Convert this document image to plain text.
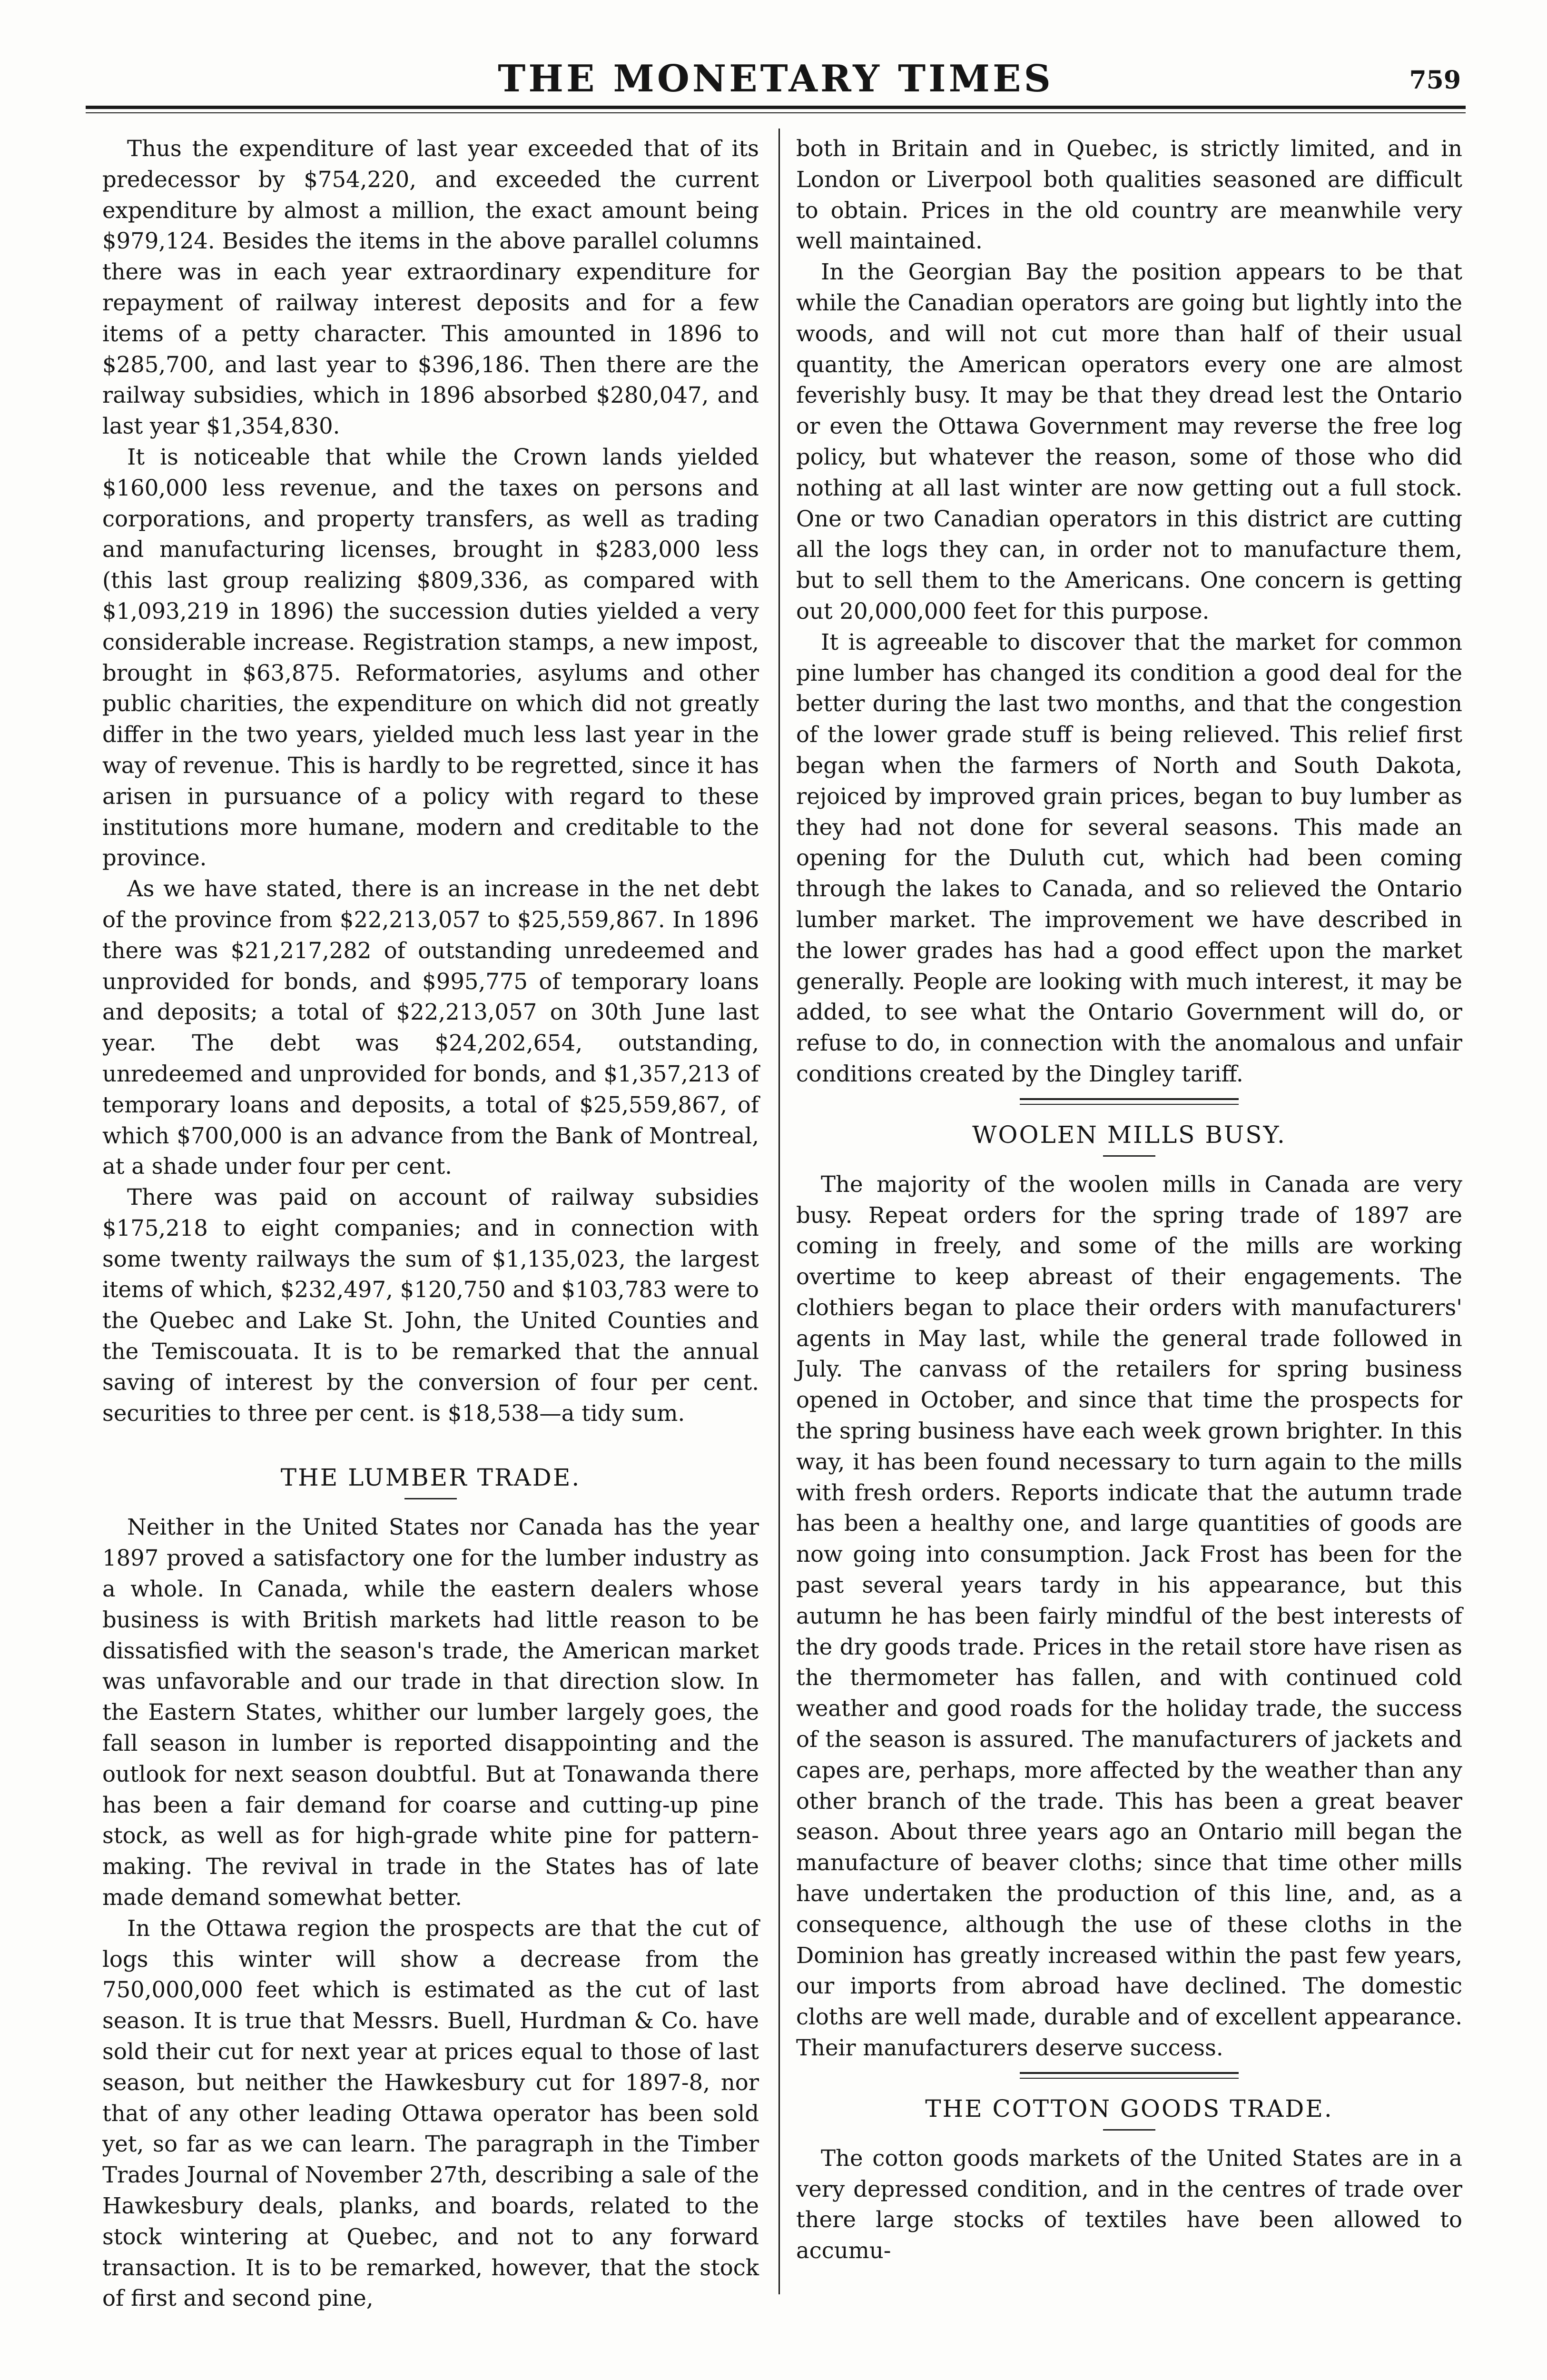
THE MONETARY TIMES	759

Thus the expenditure of last year exceeded that of its predecessor by $754,220, and exceeded the current expenditure by almost a million, the exact amount being $979,124. Besides the items in the above parallel columns there was in each year extraordinary expenditure for repayment of railway interest deposits and for a few items of a petty character. This amounted in 1896 to $285,700, and last year to $396,186. Then there are the railway subsidies, which in 1896 absorbed $280,047, and last year $1,354,830.

It is noticeable that while the Crown lands yielded $160,000 less revenue, and the taxes on persons and corporations, and property transfers, as well as trading and manufacturing licenses, brought in $283,000 less (this last group realizing $809,336, as compared with $1,093,219 in 1896) the succession duties yielded a very considerable increase. Registration stamps, a new impost, brought in $63,875. Reformatories, asylums and other public charities, the expenditure on which did not greatly differ in the two years, yielded much less last year in the way of revenue. This is hardly to be regretted, since it has arisen in pursuance of a policy with regard to these institutions more humane, modern and creditable to the province.

As we have stated, there is an increase in the net debt of the province from $22,213,057 to $25,559,867. In 1896 there was $21,217,282 of outstanding unredeemed and unprovided for bonds, and $995,775 of temporary loans and deposits; a total of $22,213,057 on 30th June last year. The debt was $24,202,654, outstanding, unredeemed and unprovided for bonds, and $1,357,213 of temporary loans and deposits, a total of $25,559,867, of which $700,000 is an advance from the Bank of Montreal, at a shade under four per cent.

There was paid on account of railway subsidies $175,218 to eight companies; and in connection with some twenty railways the sum of $1,135,023, the largest items of which, $232,497, $120,750 and $103,783 were to the Quebec and Lake St. John, the United Counties and the Temiscouata. It is to be remarked that the annual saving of interest by the conversion of four per cent. securities to three per cent. is $18,538—a tidy sum.

THE LUMBER TRADE.

Neither in the United States nor Canada has the year 1897 proved a satisfactory one for the lumber industry as a whole. In Canada, while the eastern dealers whose business is with British markets had little reason to be dissatisfied with the season's trade, the American market was unfavorable and our trade in that direction slow. In the Eastern States, whither our lumber largely goes, the fall season in lumber is reported disappointing and the outlook for next season doubtful. But at Tonawanda there has been a fair demand for coarse and cutting-up pine stock, as well as for high-grade white pine for pattern-making. The revival in trade in the States has of late made demand somewhat better.

In the Ottawa region the prospects are that the cut of logs this winter will show a decrease from the 750,000,000 feet which is estimated as the cut of last season. It is true that Messrs. Buell, Hurdman & Co. have sold their cut for next year at prices equal to those of last season, but neither the Hawkesbury cut for 1897-8, nor that of any other leading Ottawa operator has been sold yet, so far as we can learn. The paragraph in the Timber Trades Journal of November 27th, describing a sale of the Hawkesbury deals, planks, and boards, related to the stock wintering at Quebec, and not to any forward transaction. It is to be remarked, however, that the stock of first and second pine,

both in Britain and in Quebec, is strictly limited, and in London or Liverpool both qualities seasoned are difficult to obtain. Prices in the old country are meanwhile very well maintained.

In the Georgian Bay the position appears to be that while the Canadian operators are going but lightly into the woods, and will not cut more than half of their usual quantity, the American operators every one are almost feverishly busy. It may be that they dread lest the Ontario or even the Ottawa Government may reverse the free log policy, but whatever the reason, some of those who did nothing at all last winter are now getting out a full stock. One or two Canadian operators in this district are cutting all the logs they can, in order not to manufacture them, but to sell them to the Americans. One concern is getting out 20,000,000 feet for this purpose.

It is agreeable to discover that the market for common pine lumber has changed its condition a good deal for the better during the last two months, and that the congestion of the lower grade stuff is being relieved. This relief first began when the farmers of North and South Dakota, rejoiced by improved grain prices, began to buy lumber as they had not done for several seasons. This made an opening for the Duluth cut, which had been coming through the lakes to Canada, and so relieved the Ontario lumber market. The improvement we have described in the lower grades has had a good effect upon the market generally. People are looking with much interest, it may be added, to see what the Ontario Government will do, or refuse to do, in connection with the anomalous and unfair conditions created by the Dingley tariff.

WOOLEN MILLS BUSY.

The majority of the woolen mills in Canada are very busy. Repeat orders for the spring trade of 1897 are coming in freely, and some of the mills are working overtime to keep abreast of their engagements. The clothiers began to place their orders with manufacturers' agents in May last, while the general trade followed in July. The canvass of the retailers for spring business opened in October, and since that time the prospects for the spring business have each week grown brighter. In this way, it has been found necessary to turn again to the mills with fresh orders. Reports indicate that the autumn trade has been a healthy one, and large quantities of goods are now going into consumption. Jack Frost has been for the past several years tardy in his appearance, but this autumn he has been fairly mindful of the best interests of the dry goods trade. Prices in the retail store have risen as the thermometer has fallen, and with continued cold weather and good roads for the holiday trade, the success of the season is assured. The manufacturers of jackets and capes are, perhaps, more affected by the weather than any other branch of the trade. This has been a great beaver season. About three years ago an Ontario mill began the manufacture of beaver cloths; since that time other mills have undertaken the production of this line, and, as a consequence, although the use of these cloths in the Dominion has greatly increased within the past few years, our imports from abroad have declined. The domestic cloths are well made, durable and of excellent appearance. Their manufacturers deserve success.

THE COTTON GOODS TRADE.

The cotton goods markets of the United States are in a very depressed condition, and in the centres of trade over there large stocks of textiles have been allowed to accumu-
